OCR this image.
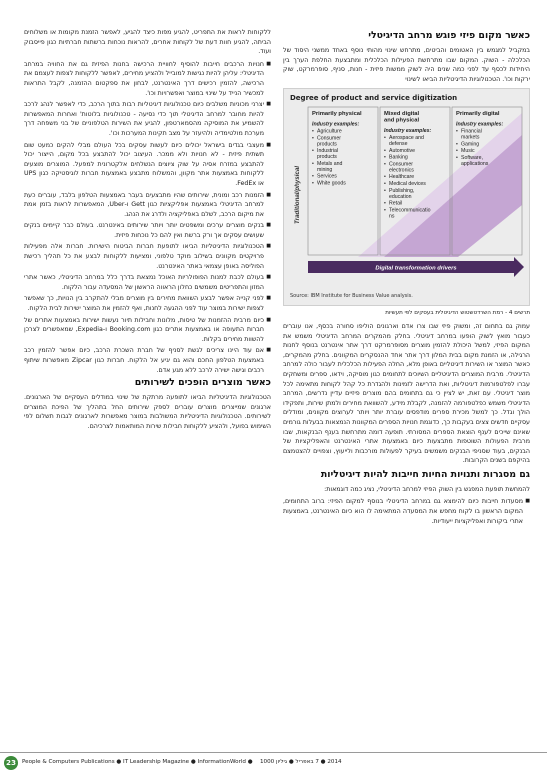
כאשר מקום פיזי פוגש מרחב הדיגיטלי

במקביל למגמש בין האטומים והביטים, מתרחש שינוי מהותי נוסף באחד ממשני היסוד של הכלכלה - השוק. המקום שבו מתרחשת הפעילות הכלכלית ומתבצעת החלפת הערך בין היחידות לכסף עד לפני כמה שנים היה לשוק ממשות פיזית - חנות, סניף, סופרמרקט, שוק ירקות וכו'. הטכנולוגיות הדיגיטליות הביאו לשינוי

Degree of product and service digitization
Traditional/physical
Primarily physical
Industry examples:
• Agriculture
• Consumer
products
• Industrial
products
• Metals and
mining
• Services
• White goods
Mixed digital
and physical
Industry examples:
• Aerospace and
defense
• Automotive
• Banking
• Consumer
electronics
• Healthcare
• Medical devices
• Publishing,
education
• Retail
• Telecommunicatio
ns
Primarily digital
Industry examples:
• Financial
markets
• Gaming
• Music
• Software,
applications
Digital transformation drivers
Source: IBM Institute for Business Value analysis.

תרשים 4 - רמת השרדטשטוש הדיגיטלית בעסקים לפי תעשיות

עמוק גם בתחום זה, ומשוק פיזי שבו צרו אדם וארגונים הוליפו סחורה בכסף, אנו עוברים כעבור מואץ לשוק הופעו במרחב דיגיטלי. בחלק מהמקרים המרחב הדיגיטלי משמש את המקום הפיזי, למשל היכולת להזמין מוצרים מסופרמרקט דרך אתר אינטרנט בנוסף לחנות הרגילה, או הזמנת מקום בבית המלון דרך אתר אחד ההנסקרים המקוונים. בחלק מהמקרים, כאשר המוצר או השירות דיגיטליים באופן מלא, החלה הפעילות הכלכלית לעבור כולה למרחב הדיגיטלי. מרבית המוצרים הדיגיטליים השיוכים לתחומים כגון מוסיקה, וידאו, ספרים ומשחקים עברו לפלטפורמות דיגיטליות, ואת הדרישה לזמינות ולהגדרת כל קהל לקוחות מתאימה לכל מוצר דיגיטלי. עם זאת, יש לציין כי גם בתחומים בהם מוצרים פיזיים עדיין נדרשים, המרחב הדיגיטלי משמש כפלטפורמה להזמנה, לקבלת מידע, להשוואת מחירים ולמתן שירות, ותפקידו הולך וגדל. כך למשל מכירת ספרים מודפסים עוברת יותר ויותר לערוצים מקוונים, ומודלים עסקיים חדשים צצים בעקבות כך, כדוגמת חנויות הספרים המקוונות הנמצאות בבעלות גורמים שאינם שייכים לענף הוצאת הספרים המסורתי. תופעה דומה מתרחשת בענף הבנקאות, שבו מרבית הפעולות השוטפות מתבצעות כיום באמצעות אתרי האינטרנט והאפליקציות של הבנקים, בעוד שסניפי הבנקים משמשים בעיקר לפעולות מורכבות ולייעוץ, וצפויים להצטמצם בהיקפם בשנים הקרובות.

גם מסגרות ותנויות החיות חייבות להיות דיגיטליות

להמחשת תופעת המפגש בין השוק הפיזי למרחב הדיגיטלי, נציג כמה דוגמאות:

■ מסעדות חייבות כיום להימצא גם במרחב הדיגיטלי בנוסף למקום הפיזי: ברוב התחומים, המקום הראשון בו לקוח מחפש את המסעדה המתאימה לו הוא כיום האינטרנט, באמצעות אתרי ביקורות ואפליקציות ייעודיות.

ללקוחות לראות את התפריט, להגיע מפות כיצד להגיע, לאפשר הזמנת מקומות או משלוחים הביתה, להגיע חוות דעת של לקוחות אחרים, להראות נוכחות ברשתות חברתיות כגון פייסבוק ועוד.

■ חנויות הרכבים חייבות להוסיף לחוויית הרכישה בחנות הפיזית גם את החוויה במרחב הדיגיטלי: עליהן להיות נגישות למובייל ולהציע מחירים, לאפשר ללקוחות לצפות לעצמם את הרכישה, להזמין רכישים דרך האינטרנט, לבחון את ספקטום ההזמנה, לקבל התראות למכשיר הנייד על שינוי במוצר ואפשרויות וכו'.
■ יצרני מכוניות משלבים כיום טכנולוגיות דיגיטליות רבות בתוך הרכב, כדי לאפשר לנהג לרכב להיות מחובר למרחב הדיגיטלי תוך כדי נסיעה - טכנולוגיות בלוטות' ואחרות המאפשרות להשמיע את המוסיקה מהסמארטפון, להגיע את השירות הטלפוניים של בני משפחה דרך מערכת מולטימדיה ולהיעזר על מצב תקינות המערכות וכו'.
■ מעצבי בגדים בישראל יכולים כיום לעשות עסקים בכל העולם מבלי להקים כמעט שום תשתית פיזית - לא חנויות ולא ממכר. העיצוב יכול להתבצע בכל מקום, הייצור יכול להתבצע במזרח אסיה על שוק ציוצים הנשלחים אלקטרונית למפעל. המוצרים מוצעים ללקוחות באמצעות אתר מקוון, והמשלוח מתבצע באמצעות חברות לוגיסטיקה כגון UPS או FedEx.
■ הזמנות רכב ומונית, שירותים שהיו מתבצעים בעבר באמצעות הטלפון בלבד, עוברים כעת למרחב הדיגיטלי באמצעות אפליקציות כגון Gett ו-Uber, המאפשרות לראות בזמן אמת את מיקום הרכב, לשלם באפליקציה ולדרג את הנהג.
■ בנקים מוצרים ערכים ומשפטים יותר ויותר שירותים באינטרנט. בעולם כבר קיימים בנקים שעושים עסקים אך ורק ברשת ואין להם כל נוכחות פיזית.
■ הטכנולוגיות הדיגיטליות הביאו לתופעת חברות הביטוח הישירות. חברות אלה מפעילות פרויקטים מקוונים בשילוב מוקד טלפוני, ומציעות ללקוחות לבצע את כל תהליך רכישת הפוליסה באופן עצמאי באתר האינטרנט.
■ בעולם לכבת למנות הפופולריות האוכל נמצאת בדרך כלל במרחב הדיגיטלי, כאשר אתרי המזון והתפריטים משמשים כחלון הראווה הראשון של המסעדה עבור הלקוח.
■ לפני קנייה אפשר לבצע השוואת מחירים בין מוצרים מבלי להתקרב בין הנויות, כך שאפשר לצפות ישירות במוצר עוד לפני ההגעה לחנות, ואף להזמין את המוצר ישירות לבית הלקוח.
■ כיום מרבית ההזמנות של טיסות, מלונות וחבילות תיור נעשות ישירות באמצעות אתרים של חברות התעופה או באמצעות אתרים כגון Booking.com ו-Expedia, שמאפשרים לצרכן להשוות מחירים בקלות.
■ אם עוד היינו צריכים לגשת לסניף של חברת השכרת הרכב, כיום אפשר להזמין רכב באמצעות הטלפון החכם והוא גם יגיע אל הלקוח. חברות כגון Zipcar מאפשרות שיתוף רכבים וגישה ישירה לרכב ללא מגע אדם.
כאשר מוצרים הופכים לשירותים

הטכנולוגיות הדיגיטליות הביאו לתופעה מרתקת של שינוי במודלים העסקיים של הארגונים. ארגונים שמייצרים מוצרים עוברים לספק שירותים החל בתהליך של הפיכת המוצרים לשירותים. הטכנולוגיות הדיגיטליות המשולבות במוצר מאפשרות לארגונים לגבות תשלום לפי השימוש בפועל, ולהציע ללקוחות חבילות שירות המותאמות לצרכיהם.

23	People & Computers Publications ● IT Leadership Magazine ● InformationWorld ● 2014 ● 7 באפריל ● גיליון 1000
